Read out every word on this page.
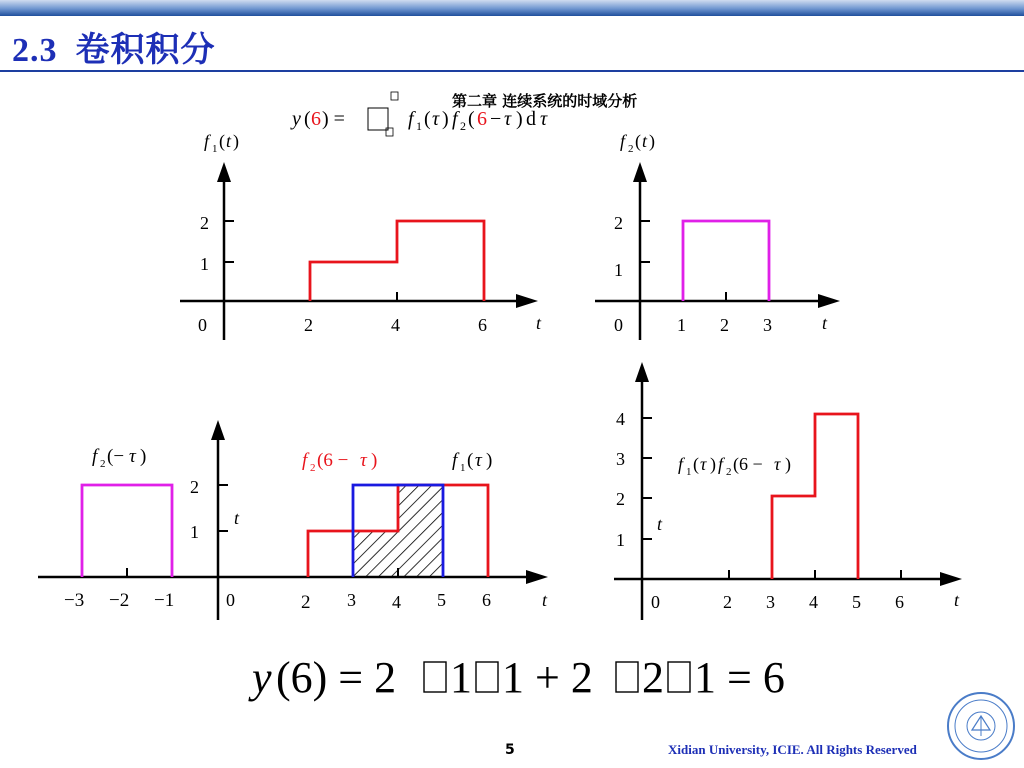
2.3 卷积积分
第二章 连续系统的时域分析
y ( 6 ) =	f 1 ( τ ) f 2 ( 6 − τ ) d τ
f 1 ( t )
2
1
0	2	4	6	t
f 2 ( t )
2
1
0	1 2 3	t
2
1
t
−3 −2 −1	0	2 3 4 5 6	t
f 2 (− τ )	f 2 (6 − τ )	f 1 ( τ )
4
3
2
1
t
0	2 3 4 5 6	t
f 1 ( τ ) f 2 (6 − τ )
y (6) = 2 1 1 + 2 2 1 = 6
5	Xidian University, ICIE. All Rights Reserved
